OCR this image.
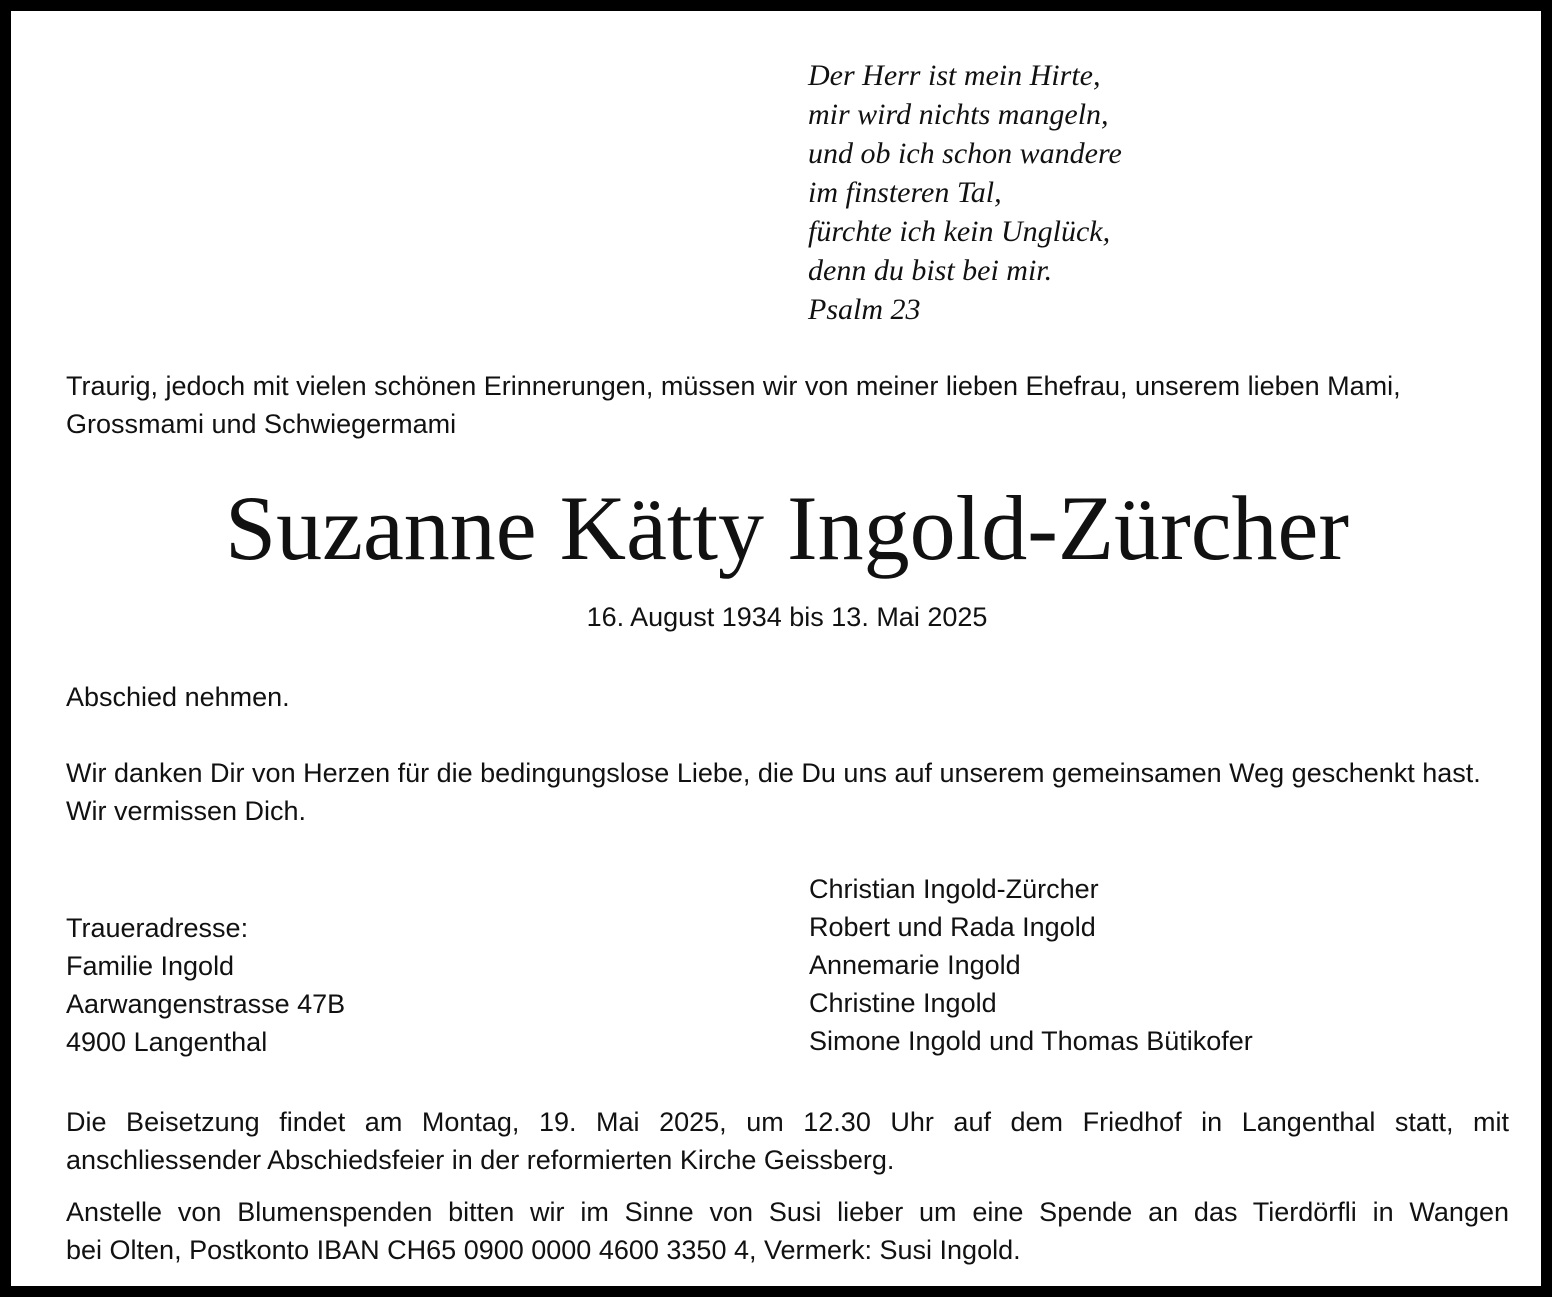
Der Herr ist mein Hirte,
mir wird nichts mangeln,
und ob ich schon wandere
im finsteren Tal,
fürchte ich kein Unglück,
denn du bist bei mir.
Psalm 23
Traurig, jedoch mit vielen schönen Erinnerungen, müssen wir von meiner lieben Ehefrau, unserem lieben Mami, Grossmami und Schwiegermami
Suzanne Kätty Ingold-Zürcher
16. August 1934 bis 13. Mai 2025
Abschied nehmen.
Wir danken Dir von Herzen für die bedingungslose Liebe, die Du uns auf unserem gemeinsamen Weg geschenkt hast.
Wir vermissen Dich.
Traueradresse:
Familie Ingold
Aarwangenstrasse 47B
4900 Langenthal
Christian Ingold-Zürcher
Robert und Rada Ingold
Annemarie Ingold
Christine Ingold
Simone Ingold und Thomas Bütikofer
Die Beisetzung findet am Montag, 19. Mai 2025, um 12.30 Uhr auf dem Friedhof in Langenthal statt, mit
anschliessender Abschiedsfeier in der reformierten Kirche Geissberg.
Anstelle von Blumenspenden bitten wir im Sinne von Susi lieber um eine Spende an das Tierdörfli in Wangen
bei Olten, Postkonto IBAN CH65 0900 0000 4600 3350 4, Vermerk: Susi Ingold.
